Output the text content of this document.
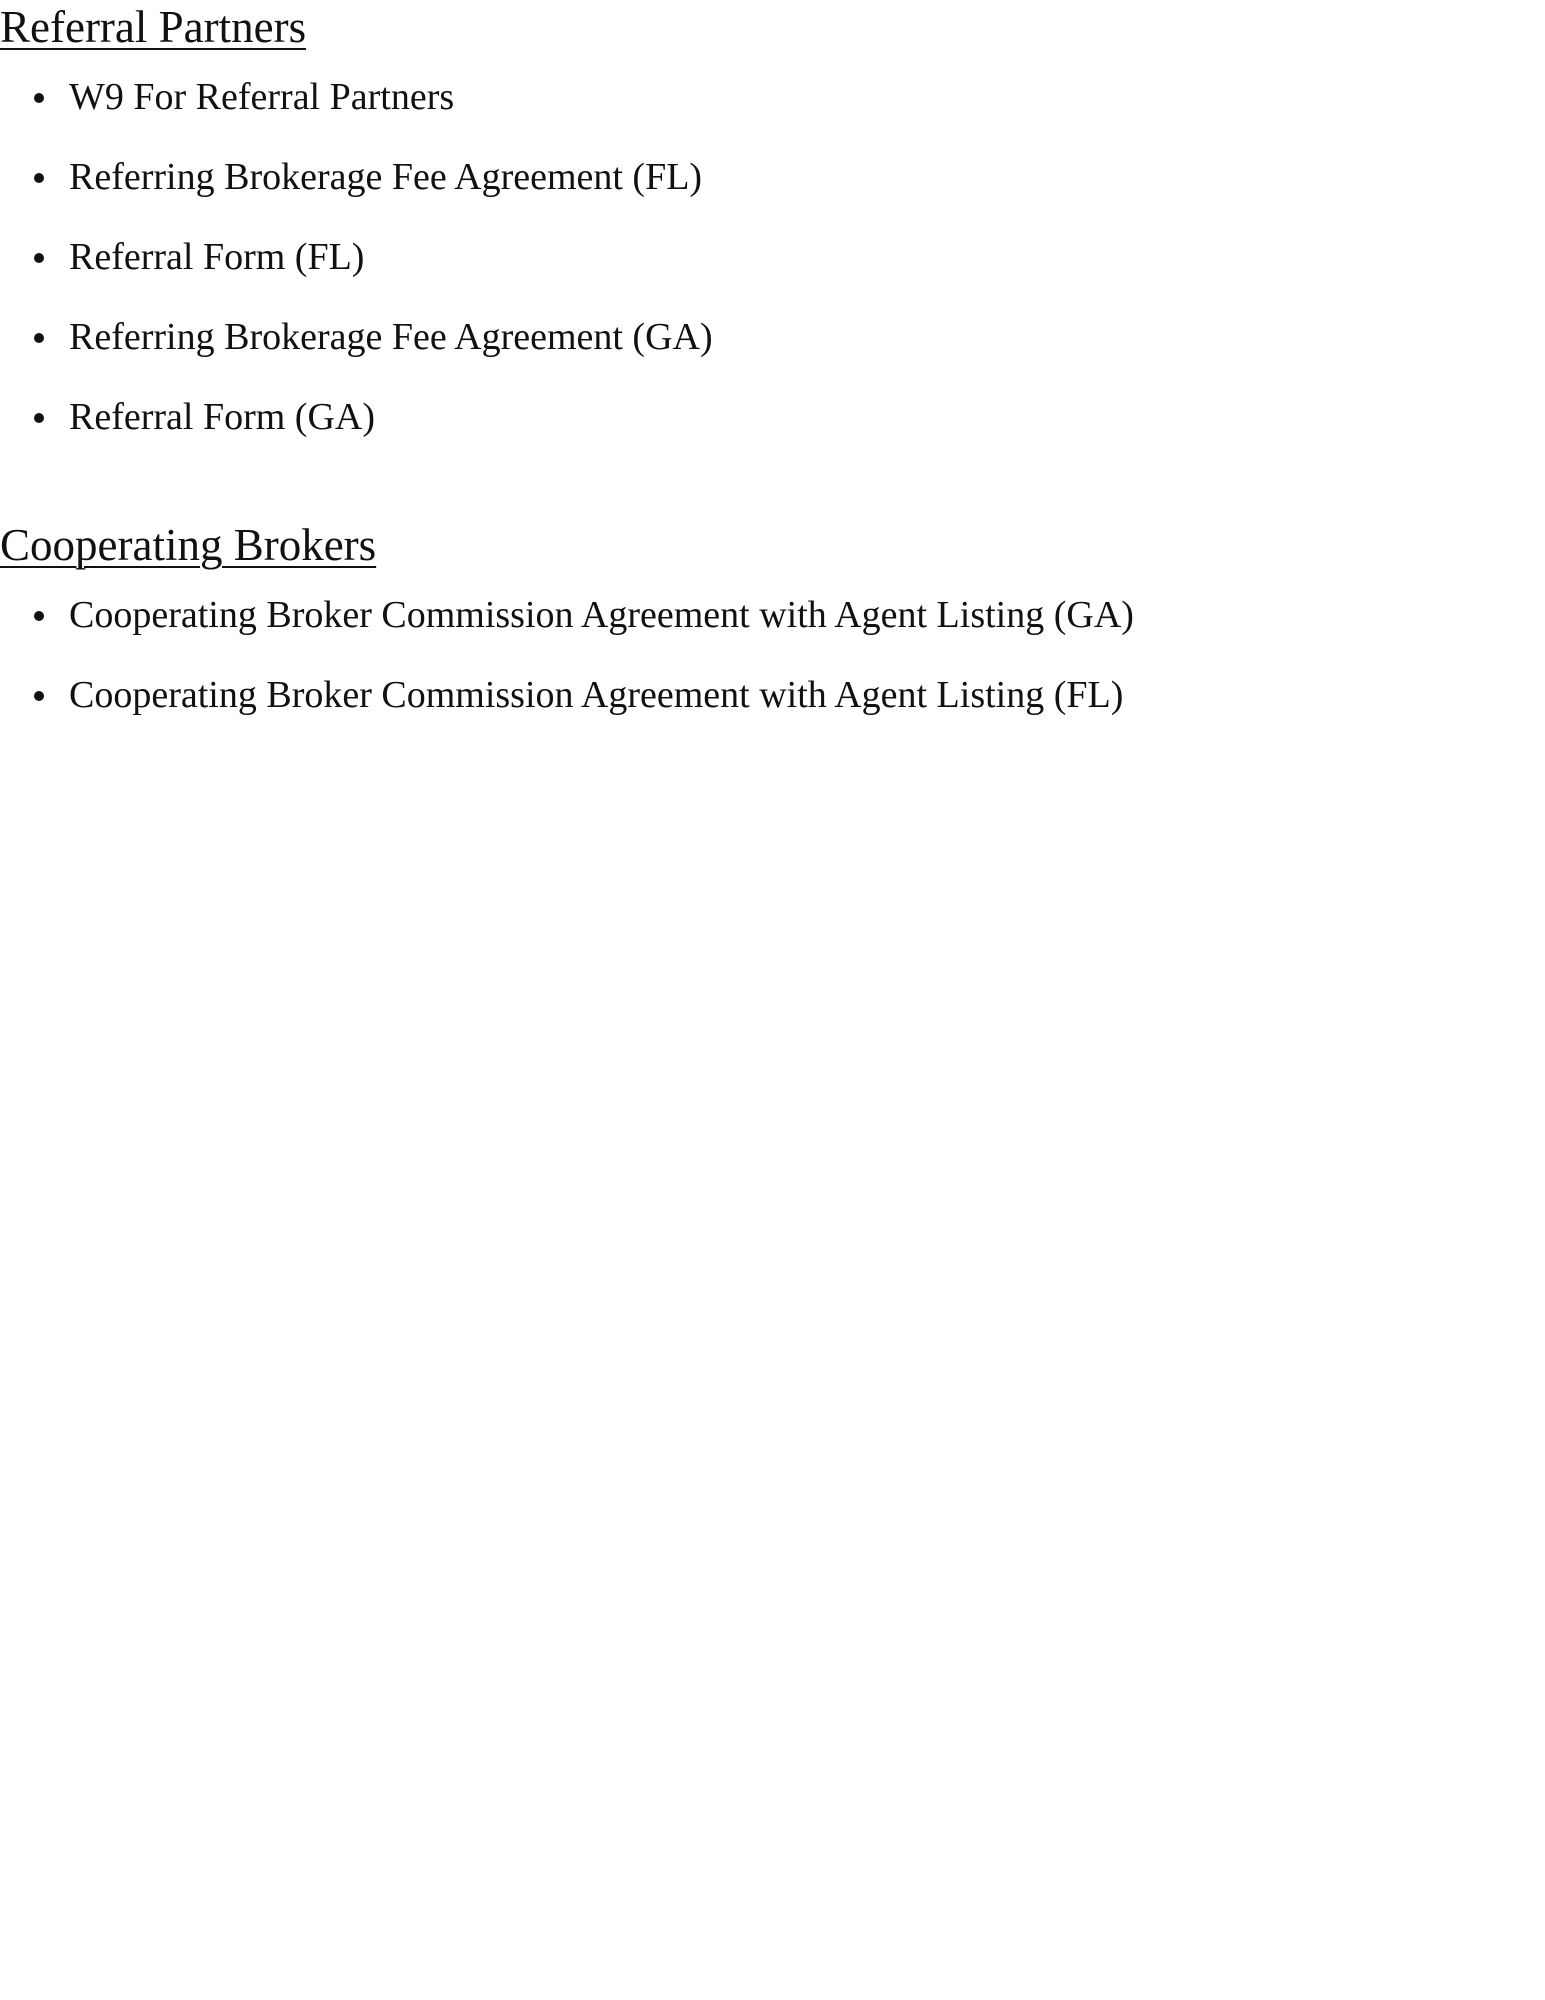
Referral Partners
W9 For Referral Partners
Referring Brokerage Fee Agreement (FL)
Referral Form (FL)
Referring Brokerage Fee Agreement (GA)
Referral Form (GA)
Cooperating Brokers
Cooperating Broker Commission Agreement with Agent Listing (GA)
Cooperating Broker Commission Agreement with Agent Listing (FL)
